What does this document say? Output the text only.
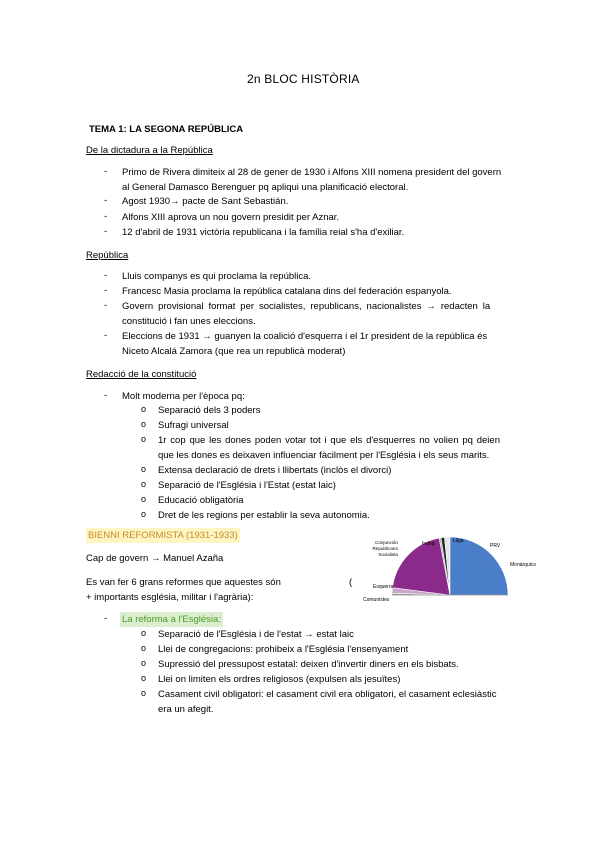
2n BLOC HISTÒRIA
TEMA 1: LA SEGONA REPÚBLICA
De la dictadura a la República
- Primo de Rivera dimiteix al 28 de gener de 1930 i Alfons XIII nomena president del govern
al General Damasco Berenguer pq apliqui una planificació electoral.
- Agost 1930→ pacte de Sant Sebastián.
- Alfons XIII aprova un nou govern presidit per Aznar.
- 12 d'abril de 1931 victòria republicana i la família reial s'ha d'exiliar.
República
- Lluis companys es qui proclama la república.
- Francesc Masia proclama la república catalana dins del federación espanyola.
- Govern provisional format per socialistes, republicans, nacionalistes → redacten la
constitució i fan unes eleccions.
- Eleccions de 1931 → guanyen la coalició d'esquerra i el 1r president de la república és
Niceto Alcalá Zamora (que rea un republicà moderat)
Redacció de la constitució
- Molt moderna per l'època pq:
o Separació dels 3 poders
o Sufragi universal
o 1r cop que les dones poden votar tot i que els d'esquerres no volien pq deien
que les dones es deixaven influenciar fàcilment per l'Església i els seus marits.
o Extensa declaració de drets i llibertats (inclòs el divorci)
o Separació de l'Església i l'Estat (estat laic)
o Educació obligatòria
o Dret de les regions per establir la seva autonomia.
BIENNI REFORMISTA (1931-1933)
Cap de govern → Manuel Azaña
Es van fer 6 grans reformes que aquestes són	(
+ importants església, militar i l'agrària):
Indep.	Lliga
PRV
Monàrquics
Esquerra
Comunistes
Conjunción
Republicano
Socialista
- La reforma a l'Església:
o Separació de l'Església i de l'estat → estat laic
o Llei de congregacions: prohibeix a l'Església l'ensenyament
o Supressió del pressupost estatal: deixen d'invertir diners en els bisbats.
o Llei on limiten els ordres religiosos (expulsen als jesuïtes)
o Casament civil obligatori: el casament civil era obligatori, el casament eclesiàstic
era un afegit.
